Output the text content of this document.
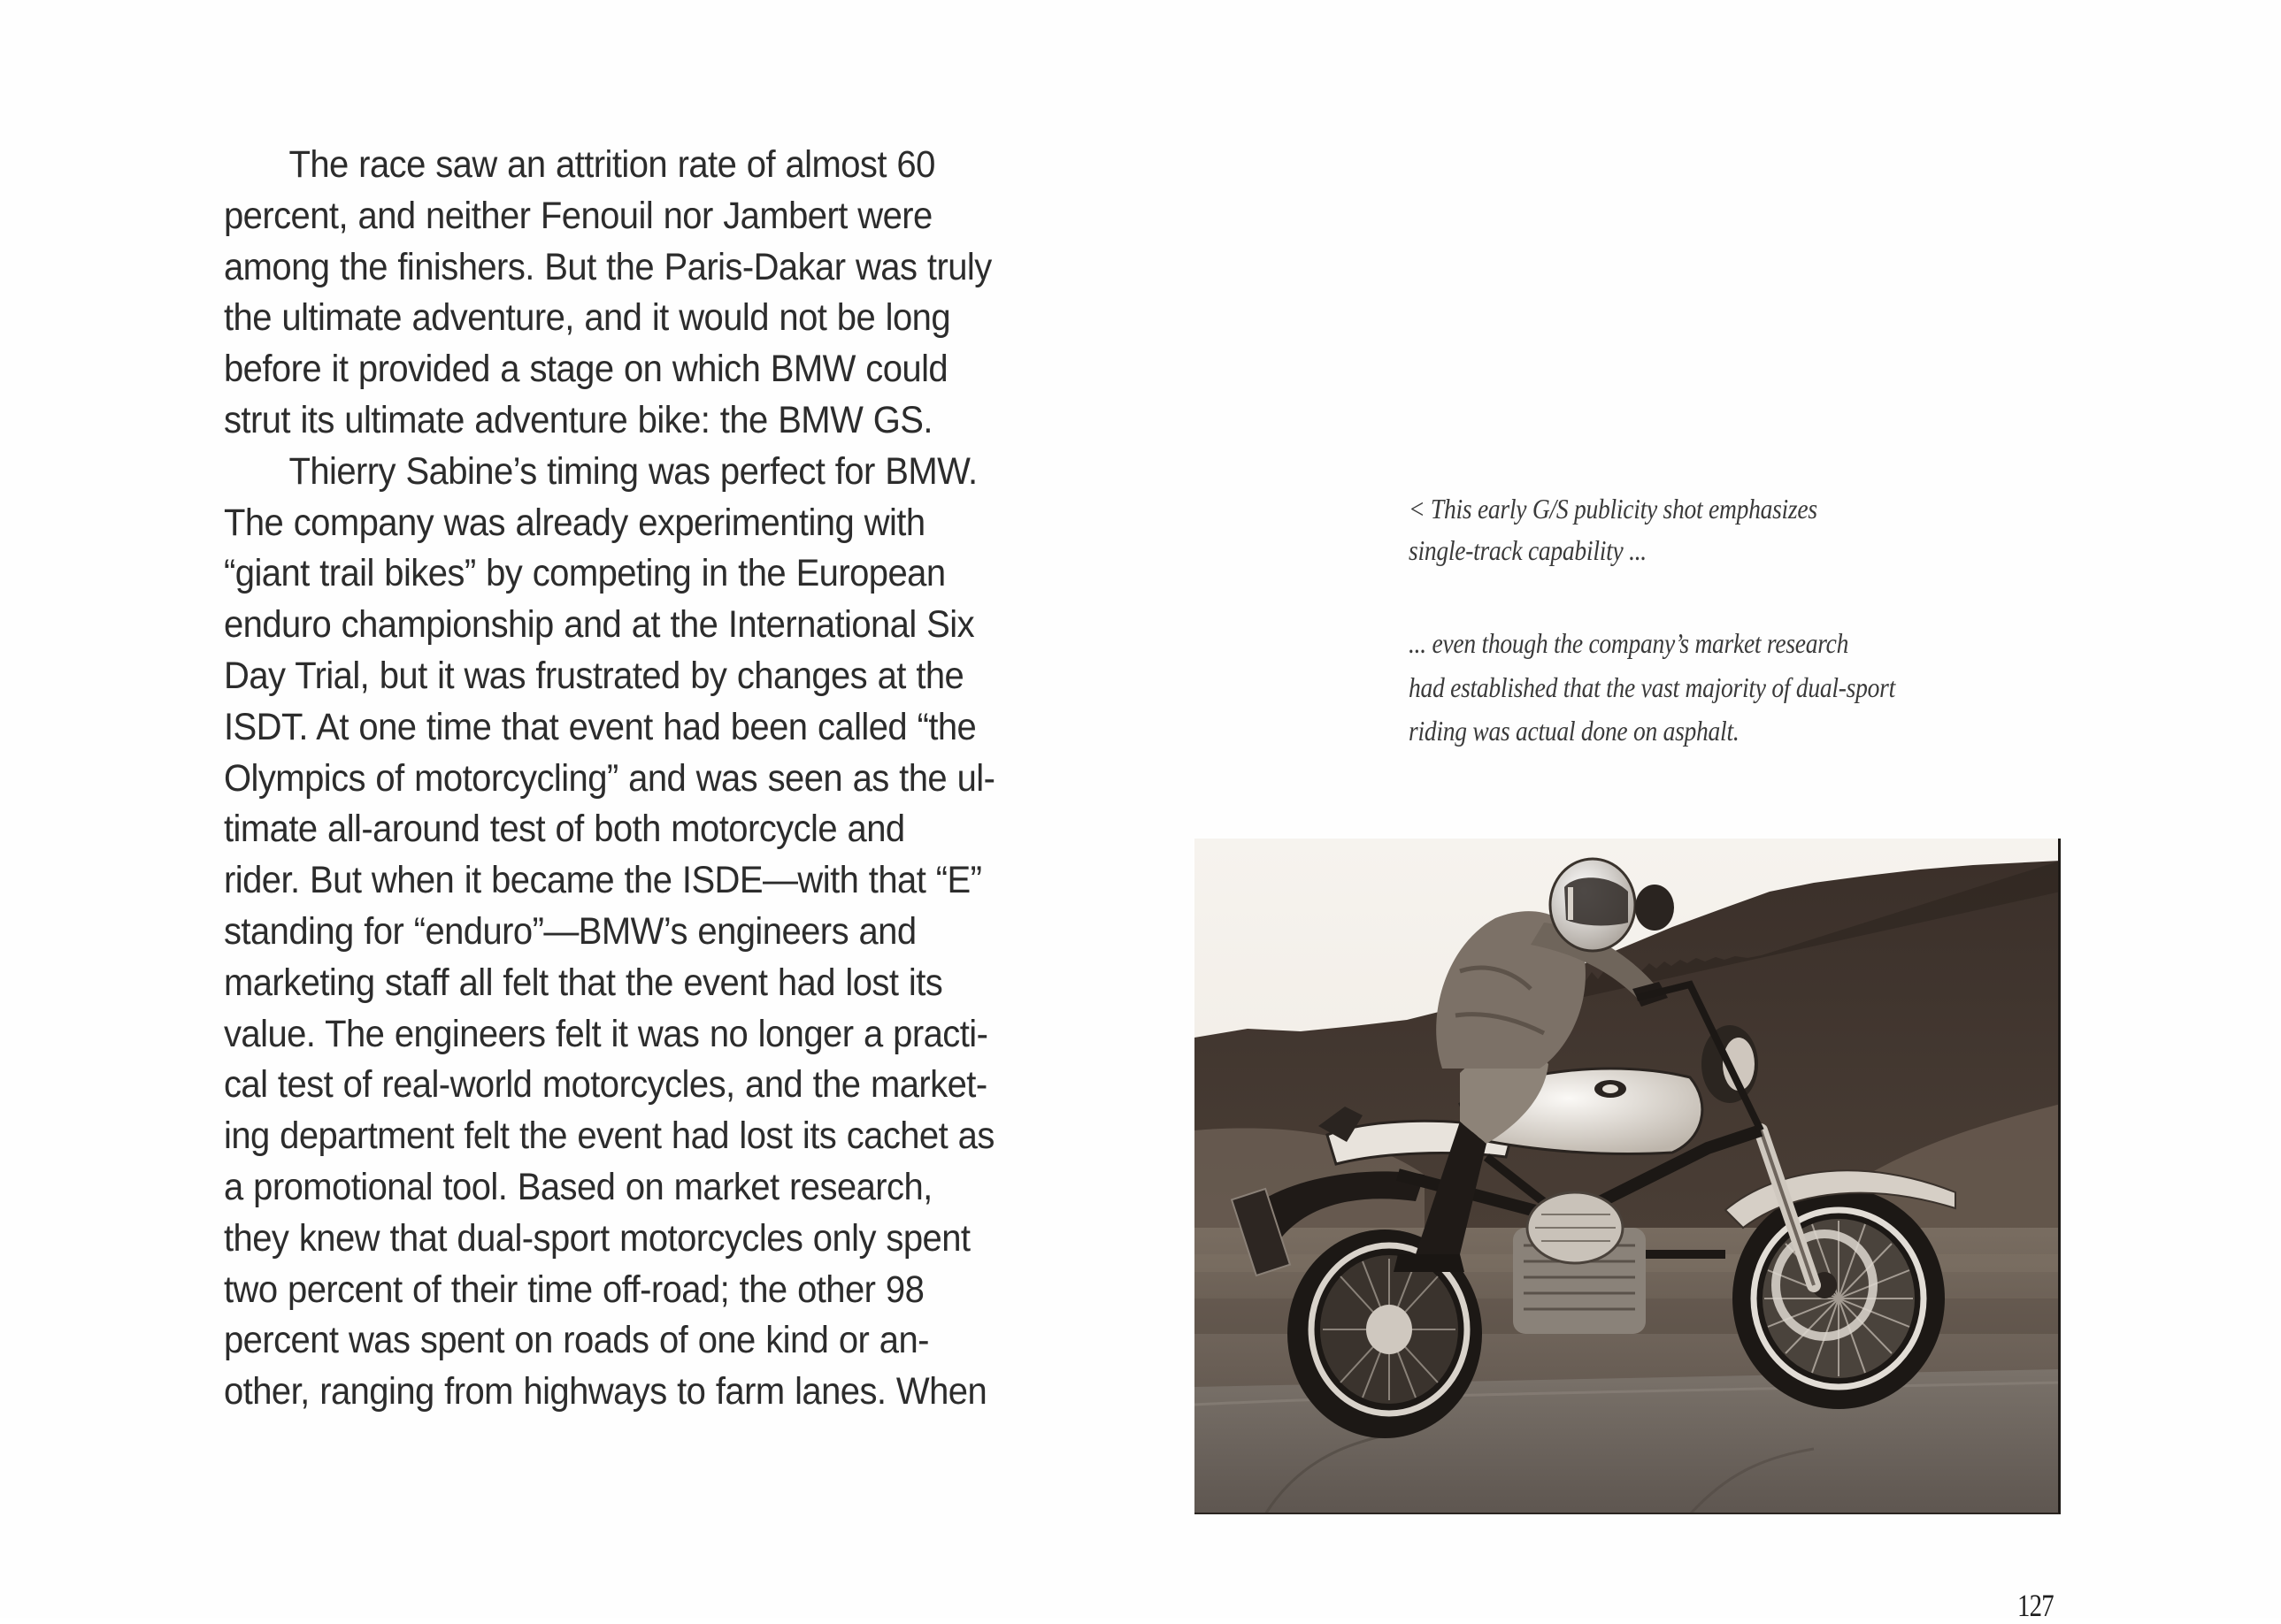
The race saw an attrition rate of almost 60
percent, and neither Fenouil nor Jambert were
among the finishers. But the Paris-Dakar was truly
the ultimate adventure, and it would not be long
before it provided a stage on which BMW could
strut its ultimate adventure bike: the BMW GS.
Thierry Sabine’s timing was perfect for BMW.
The company was already experimenting with
“giant trail bikes” by competing in the European
enduro championship and at the International Six
Day Trial, but it was frustrated by changes at the
ISDT. At one time that event had been called “the
Olympics of motorcycling” and was seen as the ul-
timate all-around test of both motorcycle and
rider. But when it became the ISDE—with that “E”
standing for “enduro”—BMW’s engineers and
marketing staff all felt that the event had lost its
value. The engineers felt it was no longer a practi-
cal test of real-world motorcycles, and the market-
ing department felt the event had lost its cachet as
a promotional tool. Based on market research,
they knew that dual-sport motorcycles only spent
two percent of their time off-road; the other 98
percent was spent on roads of one kind or an-
other, ranging from highways to farm lanes. When
< This early G/S publicity shot emphasizes
single-track capability ...
... even though the company’s market research
had established that the vast majority of dual-sport
riding was actual done on asphalt.
127
